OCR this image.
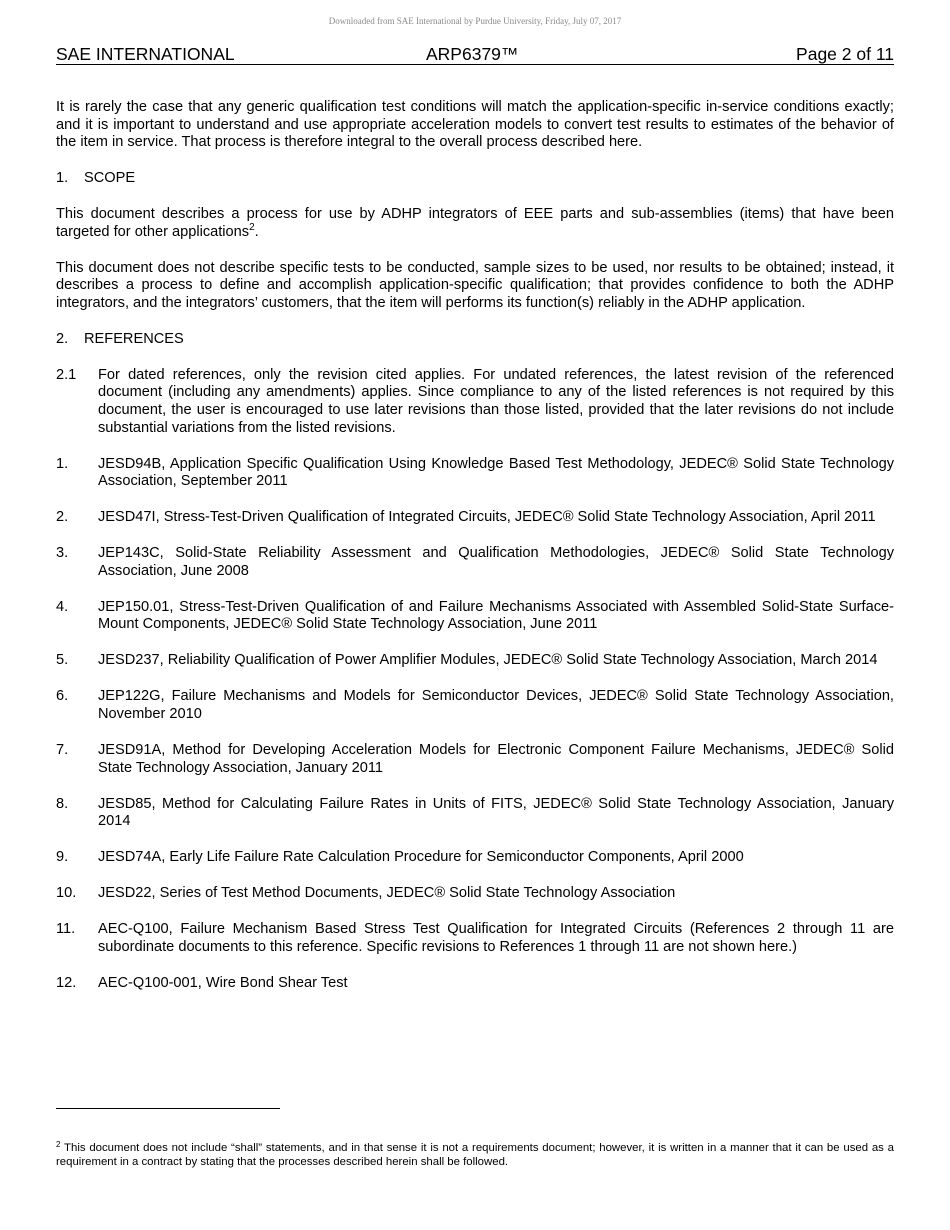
Downloaded from SAE International by Purdue University, Friday, July 07, 2017
SAE INTERNATIONAL	ARP6379™	Page 2 of 11

It is rarely the case that any generic qualification test conditions will match the application-specific in-service conditions exactly; and it is important to understand and use appropriate acceleration models to convert test results to estimates of the behavior of the item in service. That process is therefore integral to the overall process described here.

1. SCOPE

This document describes a process for use by ADHP integrators of EEE parts and sub-assemblies (items) that have been targeted for other applications$^2$.

This document does not describe specific tests to be conducted, sample sizes to be used, nor results to be obtained; instead, it describes a process to define and accomplish application-specific qualification; that provides confidence to both the ADHP integrators, and the integrators’ customers, that the item will performs its function(s) reliably in the ADHP application.

2. REFERENCES
2.1	For dated references, only the revision cited applies. For undated references, the latest revision of the referenced document (including any amendments) applies. Since compliance to any of the listed references is not required by this document, the user is encouraged to use later revisions than those listed, provided that the later revisions do not include substantial variations from the listed revisions.
1.	JESD94B, Application Specific Qualification Using Knowledge Based Test Methodology, JEDEC® Solid State Technology Association, September 2011
2.	JESD47I, Stress-Test-Driven Qualification of Integrated Circuits, JEDEC® Solid State Technology Association, April 2011
3.	JEP143C, Solid-State Reliability Assessment and Qualification Methodologies, JEDEC® Solid State Technology Association, June 2008
4.	JEP150.01, Stress-Test-Driven Qualification of and Failure Mechanisms Associated with Assembled Solid-State Surface-Mount Components, JEDEC® Solid State Technology Association, June 2011
5.	JESD237, Reliability Qualification of Power Amplifier Modules, JEDEC® Solid State Technology Association, March 2014
6.	JEP122G, Failure Mechanisms and Models for Semiconductor Devices, JEDEC® Solid State Technology Association, November 2010
7.	JESD91A, Method for Developing Acceleration Models for Electronic Component Failure Mechanisms, JEDEC® Solid State Technology Association, January 2011
8.	JESD85, Method for Calculating Failure Rates in Units of FITS, JEDEC® Solid State Technology Association, January 2014
9.	JESD74A, Early Life Failure Rate Calculation Procedure for Semiconductor Components, April 2000
10.	JESD22, Series of Test Method Documents, JEDEC® Solid State Technology Association
11.	AEC-Q100, Failure Mechanism Based Stress Test Qualification for Integrated Circuits (References 2 through 11 are subordinate documents to this reference. Specific revisions to References 1 through 11 are not shown here.)
12.	AEC-Q100-001, Wire Bond Shear Test

$^2$ This document does not include “shall” statements, and in that sense it is not a requirements document; however, it is written in a manner that it can be used as a requirement in a contract by stating that the processes described herein shall be followed.
